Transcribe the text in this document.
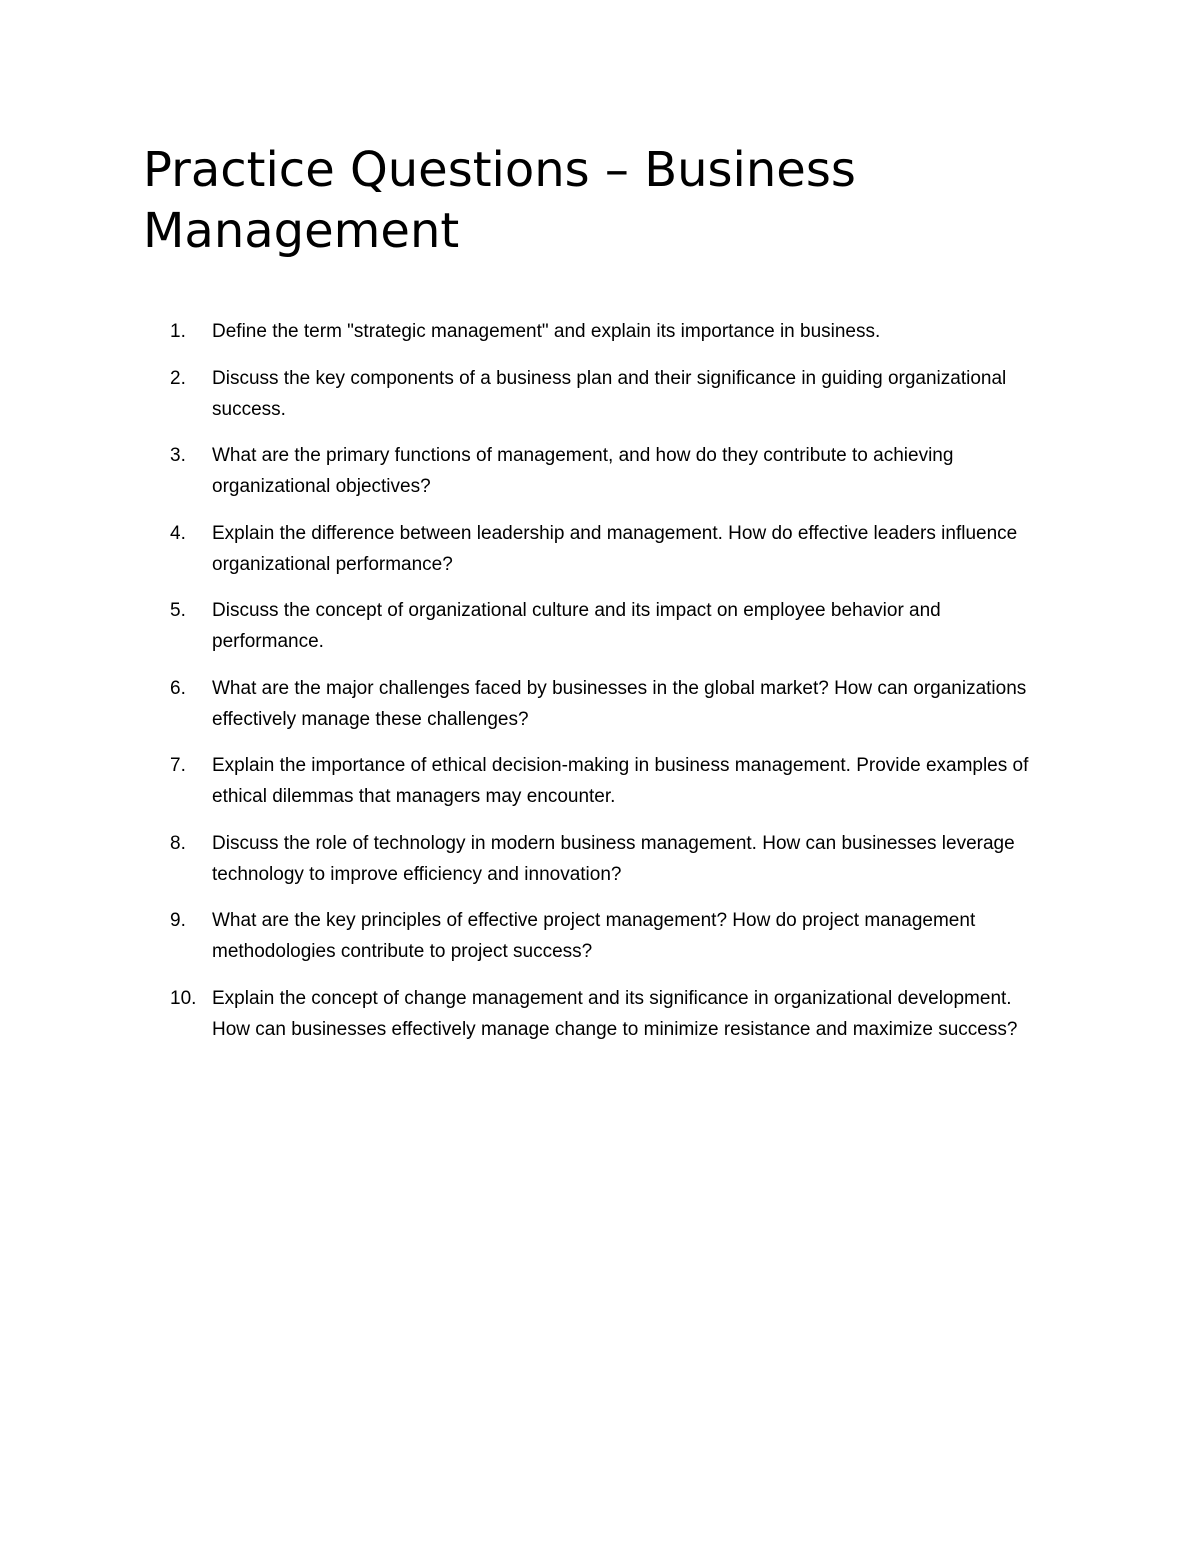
Practice Questions – Business Management
1.	Define the term "strategic management" and explain its importance in business.
2.	Discuss the key components of a business plan and their significance in guiding organizational success.
3.	What are the primary functions of management, and how do they contribute to achieving organizational objectives?
4.	Explain the difference between leadership and management. How do effective leaders influence organizational performance?
5.	Discuss the concept of organizational culture and its impact on employee behavior and performance.
6.	What are the major challenges faced by businesses in the global market? How can organizations effectively manage these challenges?
7.	Explain the importance of ethical decision-making in business management. Provide examples of ethical dilemmas that managers may encounter.
8.	Discuss the role of technology in modern business management. How can businesses leverage technology to improve efficiency and innovation?
9.	What are the key principles of effective project management? How do project management methodologies contribute to project success?
10. Explain the concept of change management and its significance in organizational development. How can businesses effectively manage change to minimize resistance and maximize success?
